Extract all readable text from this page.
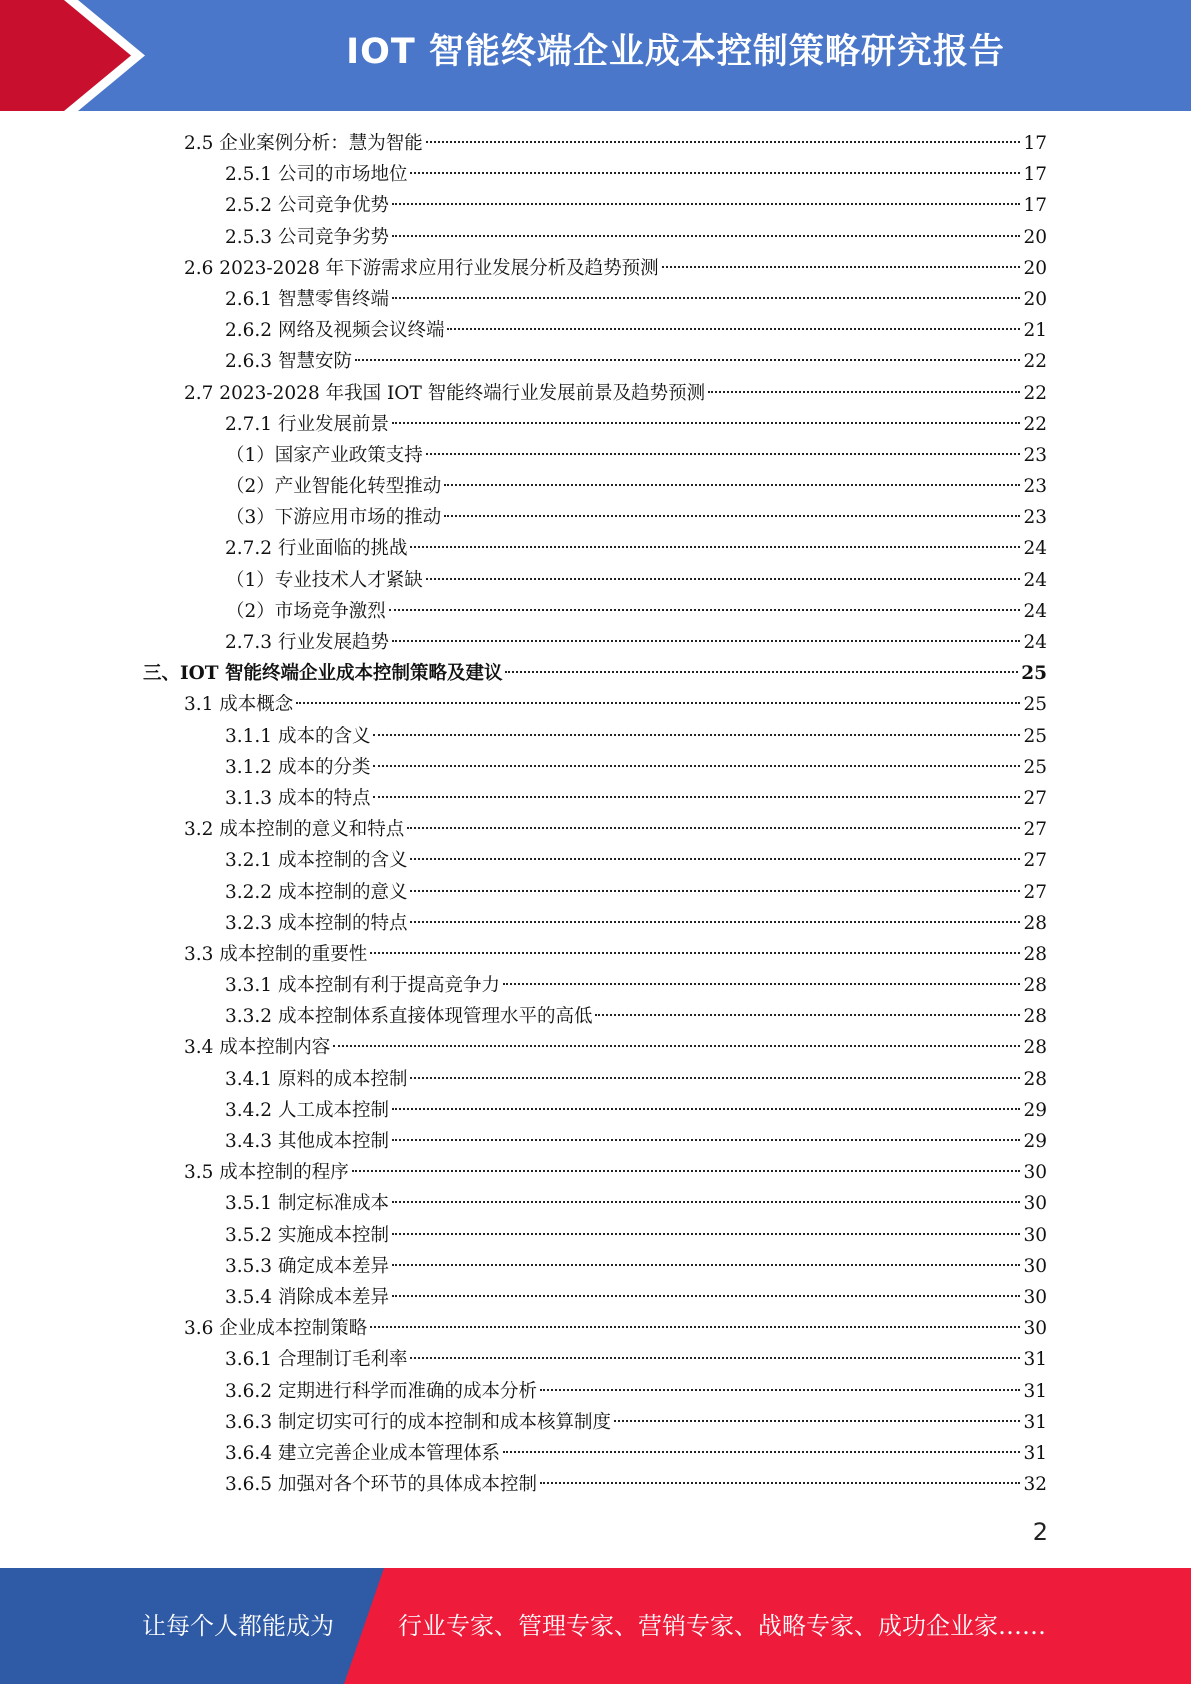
IOT 智能终端企业成本控制策略研究报告
2.5 企业案例分析：慧为智能	17
2.5.1 公司的市场地位	17
2.5.2 公司竞争优势	17
2.5.3 公司竞争劣势	20
2.6 2023-2028 年下游需求应用行业发展分析及趋势预测	20
2.6.1 智慧零售终端	20
2.6.2 网络及视频会议终端	21
2.6.3 智慧安防	22
2.7 2023-2028 年我国 IOT 智能终端行业发展前景及趋势预测	22
2.7.1 行业发展前景	22
（1）国家产业政策支持	23
（2）产业智能化转型推动	23
（3）下游应用市场的推动	23
2.7.2 行业面临的挑战	24
（1）专业技术人才紧缺	24
（2）市场竞争激烈	24
2.7.3 行业发展趋势	24
三、IOT 智能终端企业成本控制策略及建议	25
3.1 成本概念	25
3.1.1 成本的含义	25
3.1.2 成本的分类	25
3.1.3 成本的特点	27
3.2 成本控制的意义和特点	27
3.2.1 成本控制的含义	27
3.2.2 成本控制的意义	27
3.2.3 成本控制的特点	28
3.3 成本控制的重要性	28
3.3.1 成本控制有利于提高竞争力	28
3.3.2 成本控制体系直接体现管理水平的高低	28
3.4 成本控制内容	28
3.4.1 原料的成本控制	28
3.4.2 人工成本控制	29
3.4.3 其他成本控制	29
3.5 成本控制的程序	30
3.5.1 制定标准成本	30
3.5.2 实施成本控制	30
3.5.3 确定成本差异	30
3.5.4 消除成本差异	30
3.6 企业成本控制策略	30
3.6.1 合理制订毛利率	31
3.6.2 定期进行科学而准确的成本分析	31
3.6.3 制定切实可行的成本控制和成本核算制度	31
3.6.4 建立完善企业成本管理体系	31
3.6.5 加强对各个环节的具体成本控制	32
2
让每个人都能成为	行业专家、管理专家、营销专家、战略专家、成功企业家……
